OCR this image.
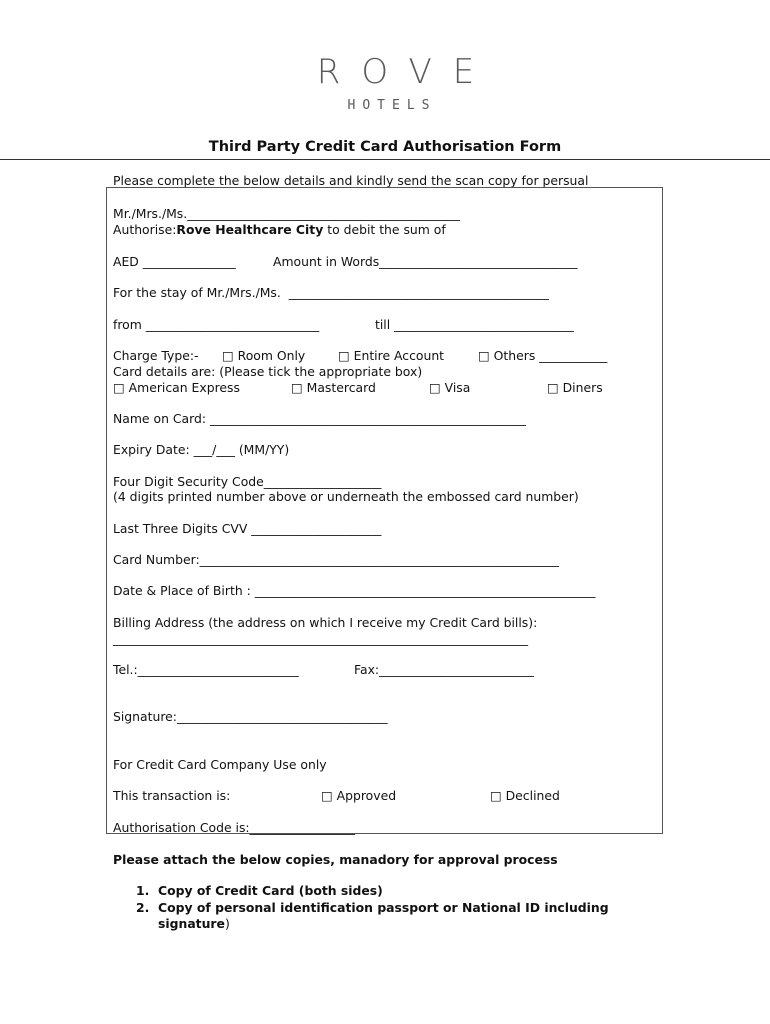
ROVE
HOTELS
Third Party Credit Card Authorisation Form
Please complete the below details and kindly send the scan copy for persual
Mr./Mrs./Ms.____________________________________________
Authorise:Rove Healthcare City to debit the sum of
AED _______________	Amount in Words________________________________
For the stay of Mr./Mrs./Ms.  __________________________________________
from ____________________________	till _____________________________
Charge Type:- □ Room Only	□ Entire Account	□ Others ___________
Card details are: (Please tick the appropriate box)
□ American Express	□ Mastercard	□ Visa	□ Diners
Name on Card: ___________________________________________________
Expiry Date: ___/___ (MM/YY)
Four Digit Security Code___________________
(4 digits printed number above or underneath the embossed card number)
Last Three Digits CVV _____________________
Card Number:__________________________________________________________
Date & Place of Birth : _______________________________________________________
Billing Address (the address on which I receive my Credit Card bills):
___________________________________________________________________
Tel.:__________________________	Fax:_________________________
Signature:__________________________________
For Credit Card Company Use only
This transaction is:	□ Approved	□ Declined
Authorisation Code is:_________________
Please attach the below copies, manadory for approval process
1. Copy of Credit Card (both sides)
2. Copy of personal identification passport or National ID including
signature)
